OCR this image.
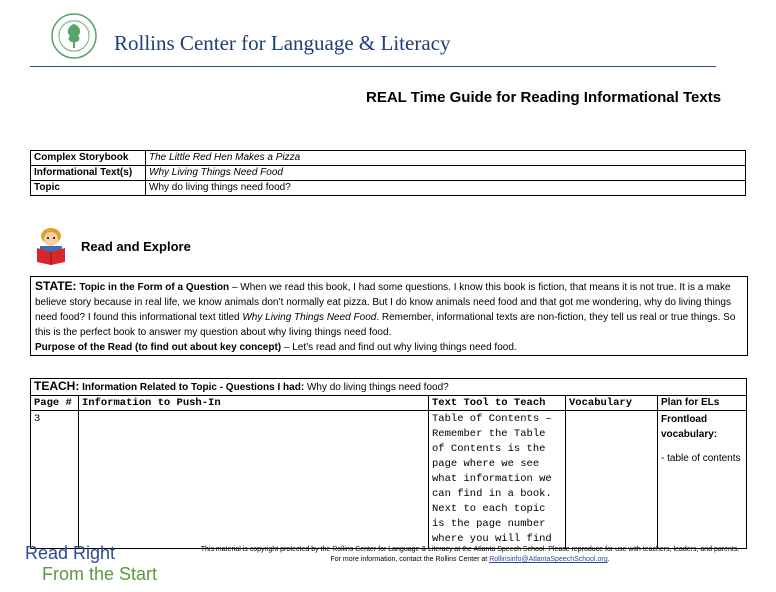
Rollins Center for Language & Literacy
REAL Time Guide for Reading Informational Texts
Complex Storybook	The Little Red Hen Makes a Pizza
Informational Text(s)	Why Living Things Need Food
Topic	Why do living things need food?
Read and Explore
STATE: Topic in the Form of a Question – When we read this book, I had some questions. I know this book is fiction, that means it is not true. It is a make believe story because in real life, we know animals don’t normally eat pizza. But I do know animals need food and that got me wondering, why do living things need food? I found this informational text titled Why Living Things Need Food. Remember, informational texts are non-fiction, they tell us real or true things. So this is the perfect book to answer my question about why living things need food.
Purpose of the Read (to find out about key concept) – Let’s read and find out why living things need food.
TEACH: Information Related to Topic - Questions I had: Why do living things need food?				
Page #	Information to Push-In	Text Tool to Teach	Vocabulary	Plan for ELs
3		Table of Contents – Remember the Table of Contents is the page where we see what information we can find in a book. Next to each topic is the page number where you will find		Frontload vocabulary:
- table of contents
Read Right
From the Start
This material is copyright protected by the Rollins Center for Language & Literacy at the Atlanta Speech School. Please reproduce for use with teachers, leaders, and parents. For more information, contact the Rollins Center at Rollinsinfo@AtlantaSpeechSchool.org.
